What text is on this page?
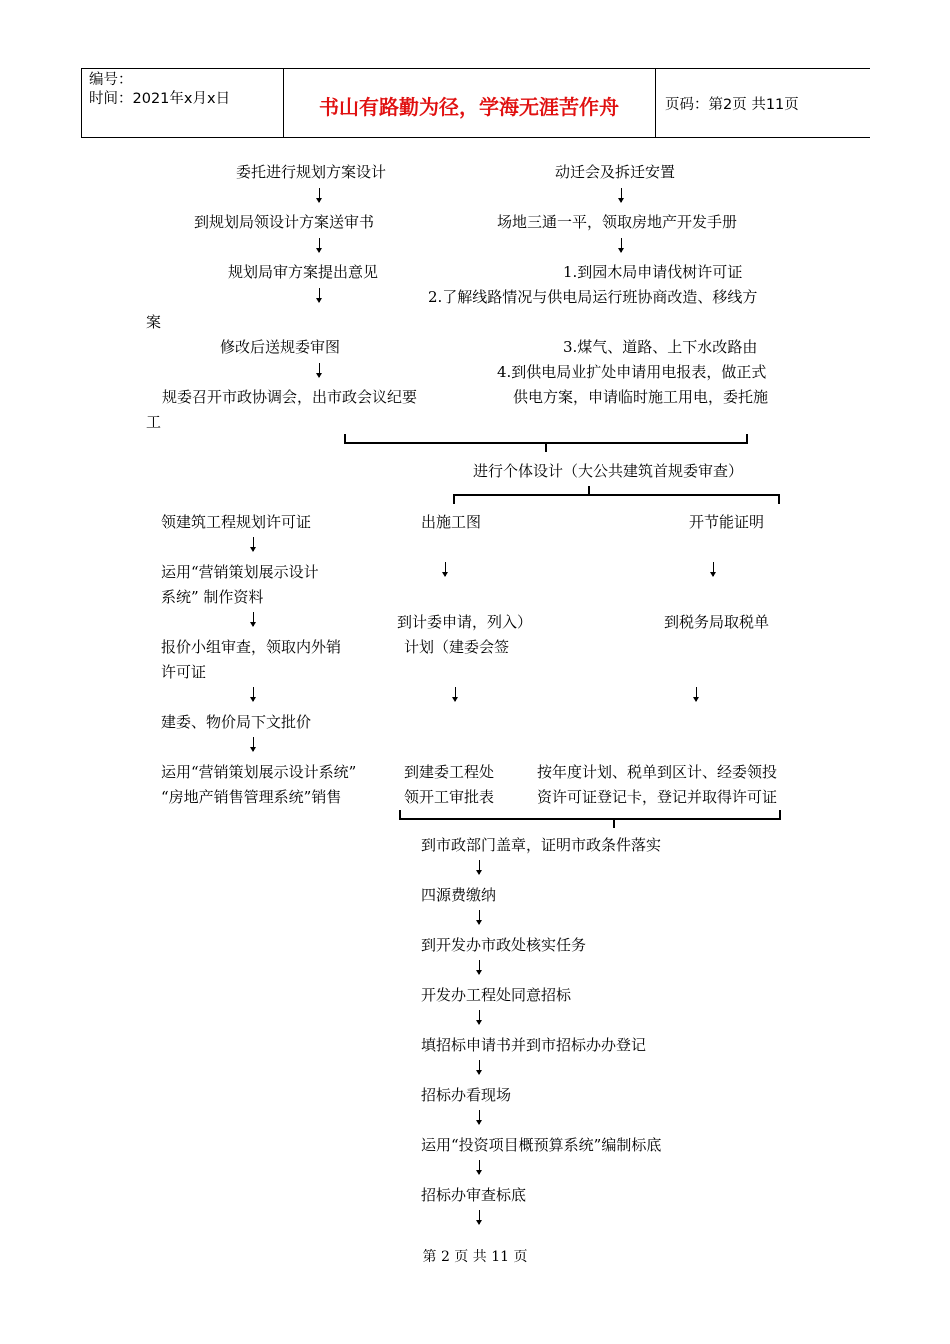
编号：
时间：2021年x月x日	书山有路勤为径，学海无涯苦作舟	页码：第2页 共11页
委托进行规划方案设计
到规划局领设计方案送审书
规划局审方案提出意见
修改后送规委审图
规委召开市政协调会，出市政会议纪要
工
动迁会及拆迁安置
场地三通一平，领取房地产开发手册
1.到园木局申请伐树许可证
2.了解线路情况与供电局运行班协商改造、移线方
案
3.煤气、道路、上下水改路由
4.到供电局业扩处申请用电报表，做正式
供电方案，申请临时施工用电，委托施
进行个体设计（大公共建筑首规委审查）
领建筑工程规划许可证
运用“营销策划展示设计
系统” 制作资料
报价小组审查，领取内外销
许可证
建委、物价局下文批价
运用“营销策划展示设计系统”
“房地产销售管理系统”销售
出施工图
到计委申请，列入）
计划（建委会签
到建委工程处
领开工审批表
开节能证明
到税务局取税单
按年度计划、税单到区计、经委领投
资许可证登记卡，登记并取得许可证
到市政部门盖章，证明市政条件落实
四源费缴纳
到开发办市政处核实任务
开发办工程处同意招标
填招标申请书并到市招标办办登记
招标办看现场
运用“投资项目概预算系统”编制标底
招标办审查标底
第 2 页 共 11 页
